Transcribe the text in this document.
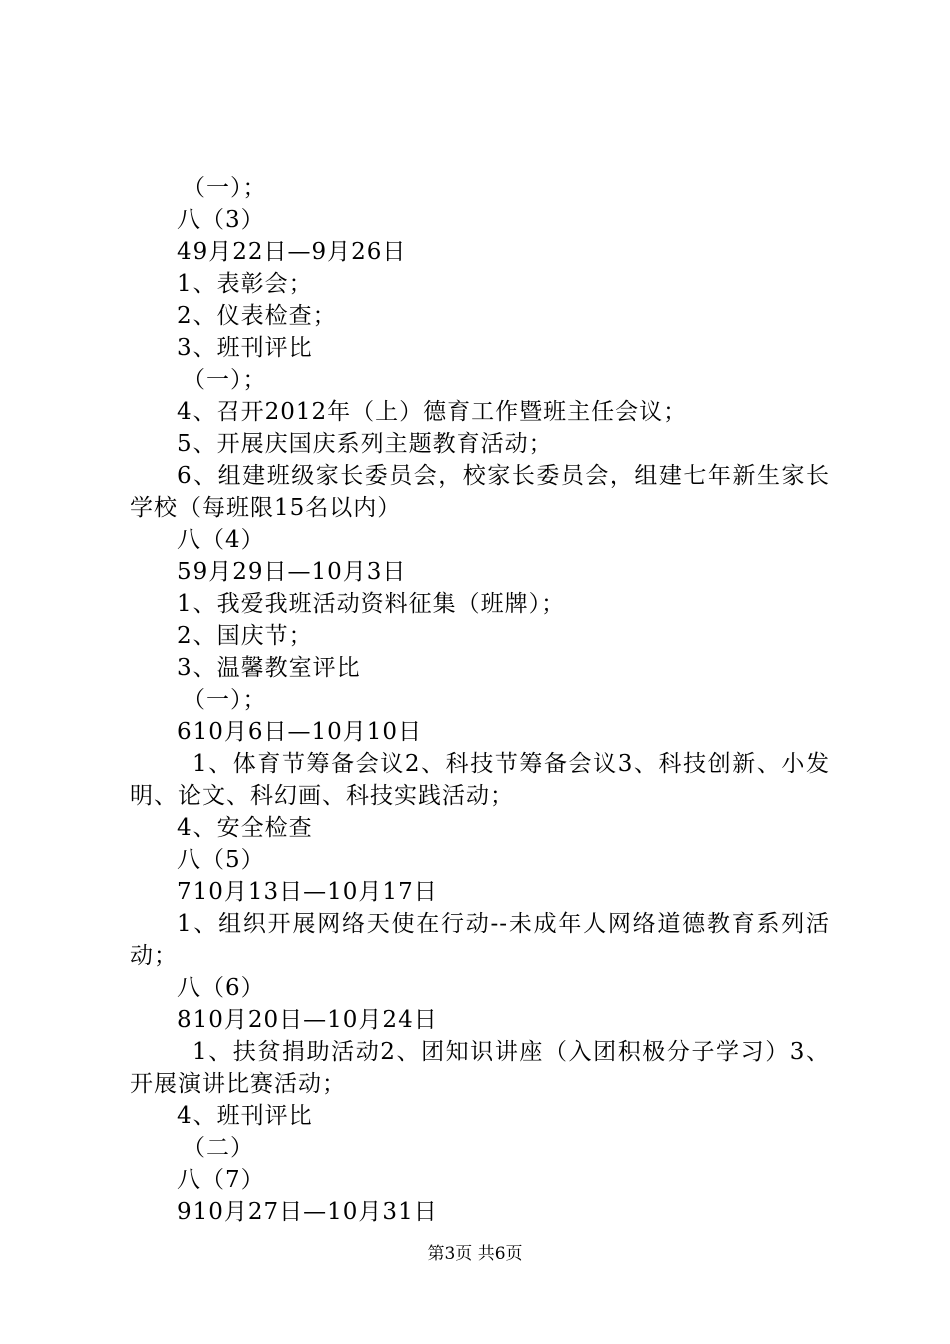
（一）；
八（3）
49月22日—9月26日
1、表彰会；
2、仪表检查；
3、班刊评比
（一）；
4、召开2012年（上）德育工作暨班主任会议；
5、开展庆国庆系列主题教育活动；
6、组建班级家长委员会，校家长委员会，组建七年新生家长学校（每班限15名以内）
八（4）
59月29日—10月3日
1、我爱我班活动资料征集（班牌）；
2、国庆节；
3、温馨教室评比
（一）；
610月6日—10月10日
1、体育节筹备会议2、科技节筹备会议3、科技创新、小发明、论文、科幻画、科技实践活动；
4、安全检查
八（5）
710月13日—10月17日
1、组织开展网络天使在行动--未成年人网络道德教育系列活动；
八（6）
810月20日—10月24日
1、扶贫捐助活动2、团知识讲座（入团积极分子学习）3、开展演讲比赛活动；
4、班刊评比
（二）
八（7）
910月27日—10月31日
第3页 共6页
